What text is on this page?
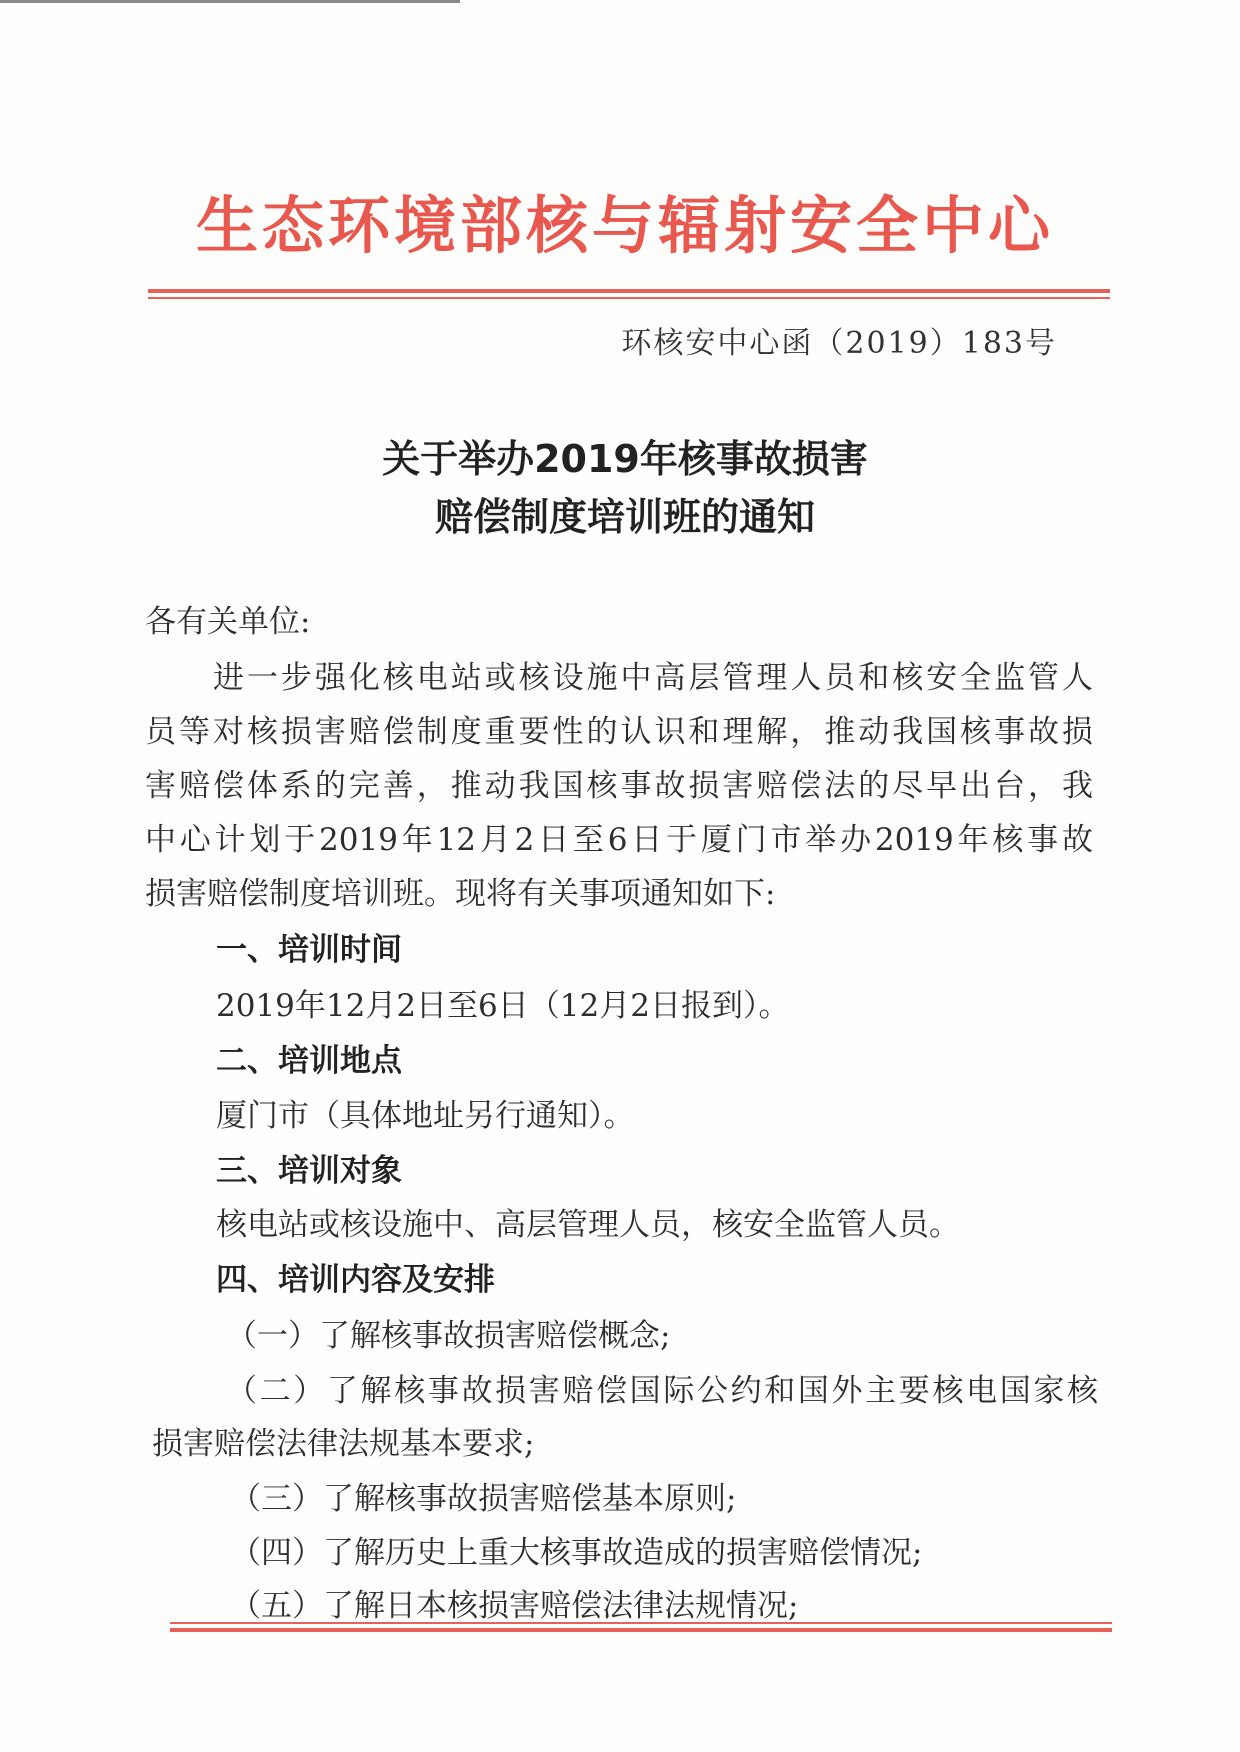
生态环境部核与辐射安全中心
环核安中心函（2019）183号
关于举办2019年核事故损害
赔偿制度培训班的通知
各有关单位:
进一步强化核电站或核设施中高层管理人员和核安全监管人
员等对核损害赔偿制度重要性的认识和理解，推动我国核事故损
害赔偿体系的完善，推动我国核事故损害赔偿法的尽早出台，我
中心计划于2019年12月2日至6日于厦门市举办2019年核事故
损害赔偿制度培训班。现将有关事项通知如下:
一、培训时间
2019年12月2日至6日（12月2日报到）。
二、培训地点
厦门市（具体地址另行通知）。
三、培训对象
核电站或核设施中、高层管理人员，核安全监管人员。
四、培训内容及安排
（一）了解核事故损害赔偿概念;
（二）了解核事故损害赔偿国际公约和国外主要核电国家核
损害赔偿法律法规基本要求;
（三）了解核事故损害赔偿基本原则;
（四）了解历史上重大核事故造成的损害赔偿情况;
（五）了解日本核损害赔偿法律法规情况;
